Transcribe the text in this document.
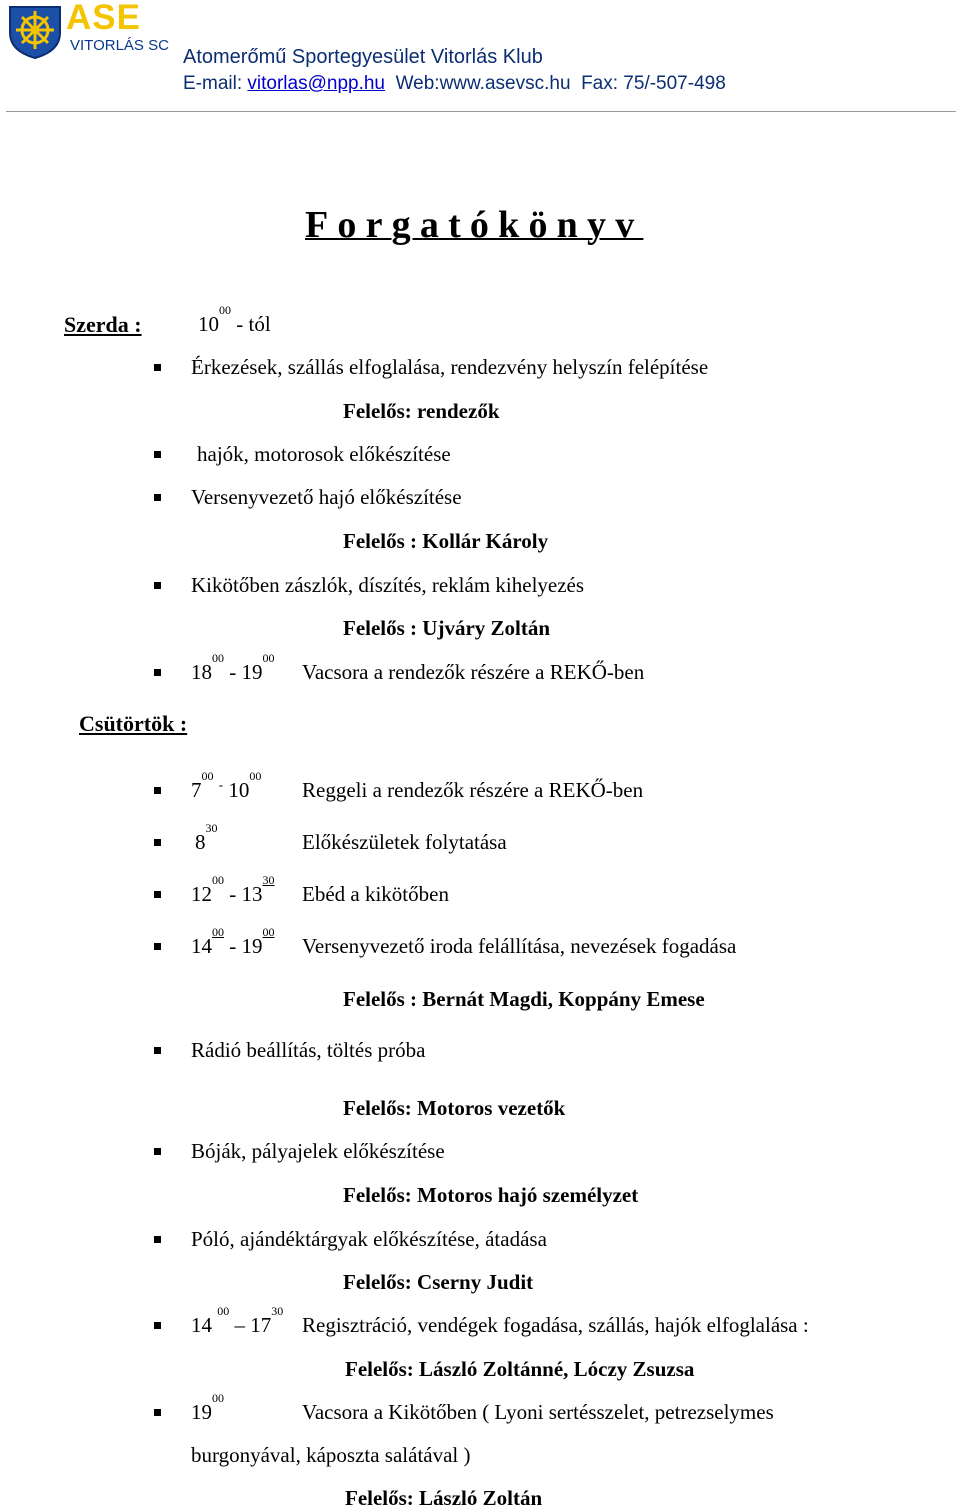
ASE
VITORLÁS SC
Atomerőmű Sportegyesület Vitorlás Klub
E-mail: vitorlas@npp.hu Web:www.asevsc.hu Fax: 75/-507-498
Forgatókönyv
Szerda :	$10^{00}$ - tól
Érkezések, szállás elfoglalása, rendezvény helyszín felépítése
Felelős: rendezők
hajók, motorosok előkészítése
Versenyvezető hajó előkészítése
Felelős : Kollár Károly
Kikötőben zászlók, díszítés, reklám kihelyezés
Felelős : Ujváry Zoltán
$18^{00} - 19^{00}$
Vacsora a rendezők részére a REKŐ-ben
Csütörtök :
$7^{00}$ - $10^{00}$
Reggeli a rendezők részére a REKŐ-ben
$8^{30}$
Előkészületek folytatása
$12^{00} - 13^{30}$
Ebéd a kikötőben
$14^{00} - 19^{00}$
Versenyvezető iroda felállítása, nevezések fogadása
Felelős : Bernát Magdi, Koppány Emese
Rádió beállítás, töltés próba
Felelős: Motoros vezetők
Bóják, pályajelek előkészítése
Felelős: Motoros hajó személyzet
Póló, ajándéktárgyak előkészítése, átadása
Felelős: Cserny Judit
14 $^{00} - 17^{30}$
Regisztráció, vendégek fogadása, szállás, hajók elfoglalása :
Felelős: László Zoltánné, Lóczy Zsuzsa
$19^{00}$
Vacsora a Kikötőben ( Lyoni sertésszelet, petrezselymes
burgonyával, káposzta salátával )
Felelős: László Zoltán
